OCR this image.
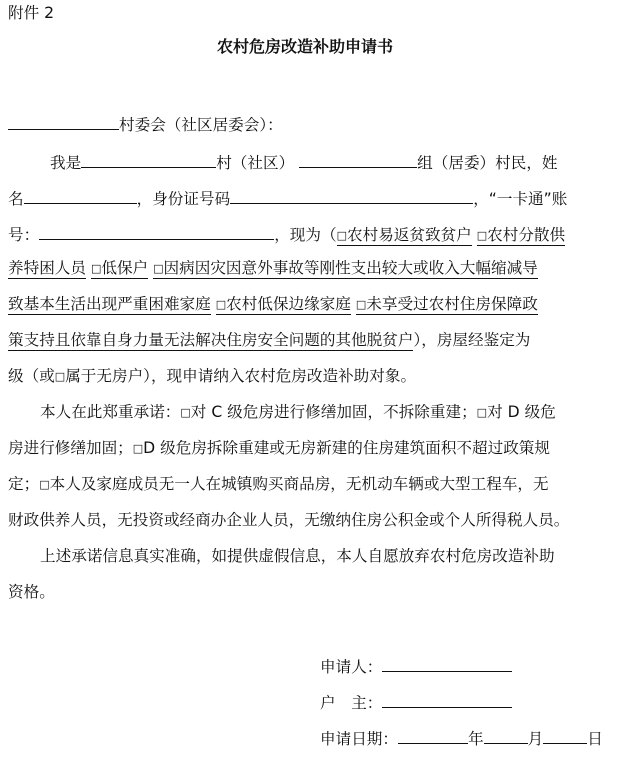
附件 2
农村危房改造补助申请书
村委会（社区居委会）：
我是	村（社区）	组（居委）村民，姓
名	，身份证号码	，“一卡通”账
号：	，现为（□农村易返贫致贫户 □农村分散供
养特困人员 □低保户 □因病因灾因意外事故等刚性支出较大或收入大幅缩减导
致基本生活出现严重困难家庭 □农村低保边缘家庭 □未享受过农村住房保障政
策支持且依靠自身力量无法解决住房安全问题的其他脱贫户），房屋经鉴定为
级（或□属于无房户），现申请纳入农村危房改造补助对象。
本人在此郑重承诺：□对 C 级危房进行修缮加固，不拆除重建；□对 D 级危
房进行修缮加固；□D 级危房拆除重建或无房新建的住房建筑面积不超过政策规
定；□本人及家庭成员无一人在城镇购买商品房，无机动车辆或大型工程车，无
财政供养人员，无投资或经商办企业人员，无缴纳住房公积金或个人所得税人员。
上述承诺信息真实准确，如提供虚假信息，本人自愿放弃农村危房改造补助
资格。
申请人：
户　主：
申请日期：	年	月	日
